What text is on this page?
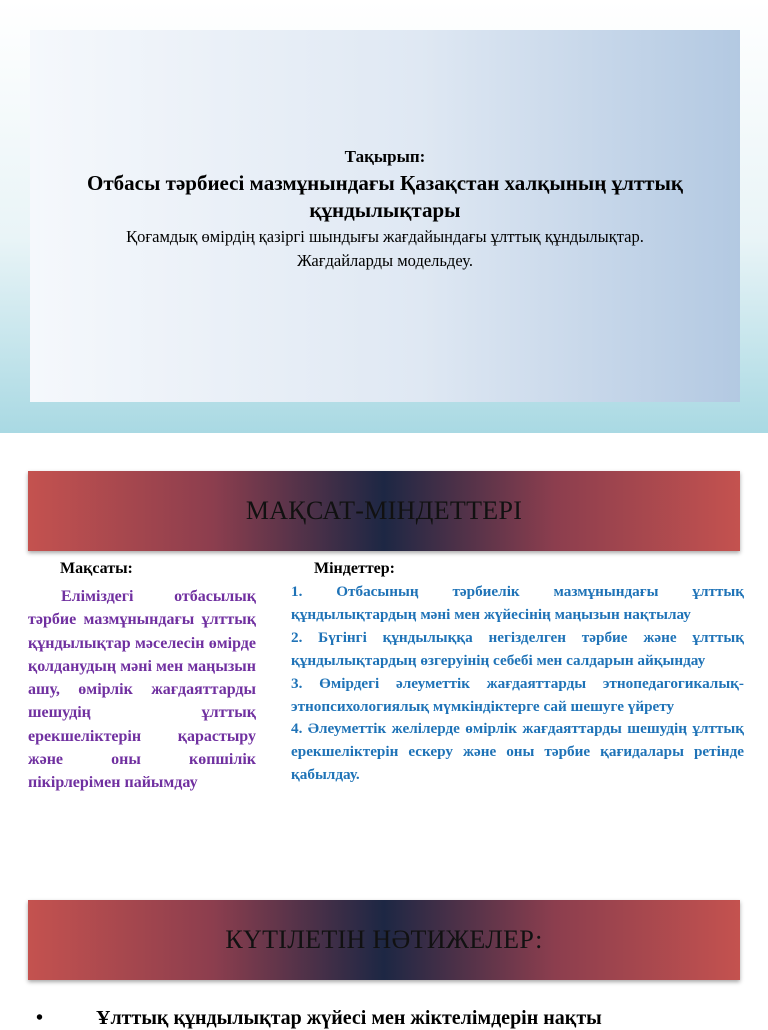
Тақырып:
Отбасы тәрбиесі мазмұнындағы Қазақстан халқының ұлттық құндылықтары
Қоғамдық өмірдің қазіргі шындығы жағдайындағы ұлттық құндылықтар.
Жағдайларды модельдеу.
МАҚСАТ-МІНДЕТТЕРІ
Мақсаты:	Міндеттер:
Еліміздегі отбасылық тәрбие мазмұнындағы ұлттық құндылықтар мәселесін өмірде қолданудың мәні мен маңызын ашу, өмірлік жағдаяттарды шешудің ұлттық ерекшеліктерін қарастыру және оны көпшілік пікірлерімен пайымдау

1. Отбасының тәрбиелік мазмұнындағы ұлттық құндылықтардың мәні мен жүйесінің маңызын нақтылау

2. Бүгінгі құндылыққа негізделген тәрбие және ұлттық құндылықтардың өзгеруінің себебі мен салдарын айқындау

3. Өмірдегі әлеуметтік жағдаяттарды этнопедагогикалық-этнопсихологиялық мүмкіндіктерге сай шешуге үйрету

4. Әлеуметтік желілерде өмірлік жағдаяттарды шешудің ұлттық ерекшеліктерін ескеру және оны тәрбие қағидалары ретінде қабылдау.

КҮТІЛЕТІН НӘТИЖЕЛЕР:
•	Ұлттық құндылықтар жүйесі мен жіктелімдерін нақты
